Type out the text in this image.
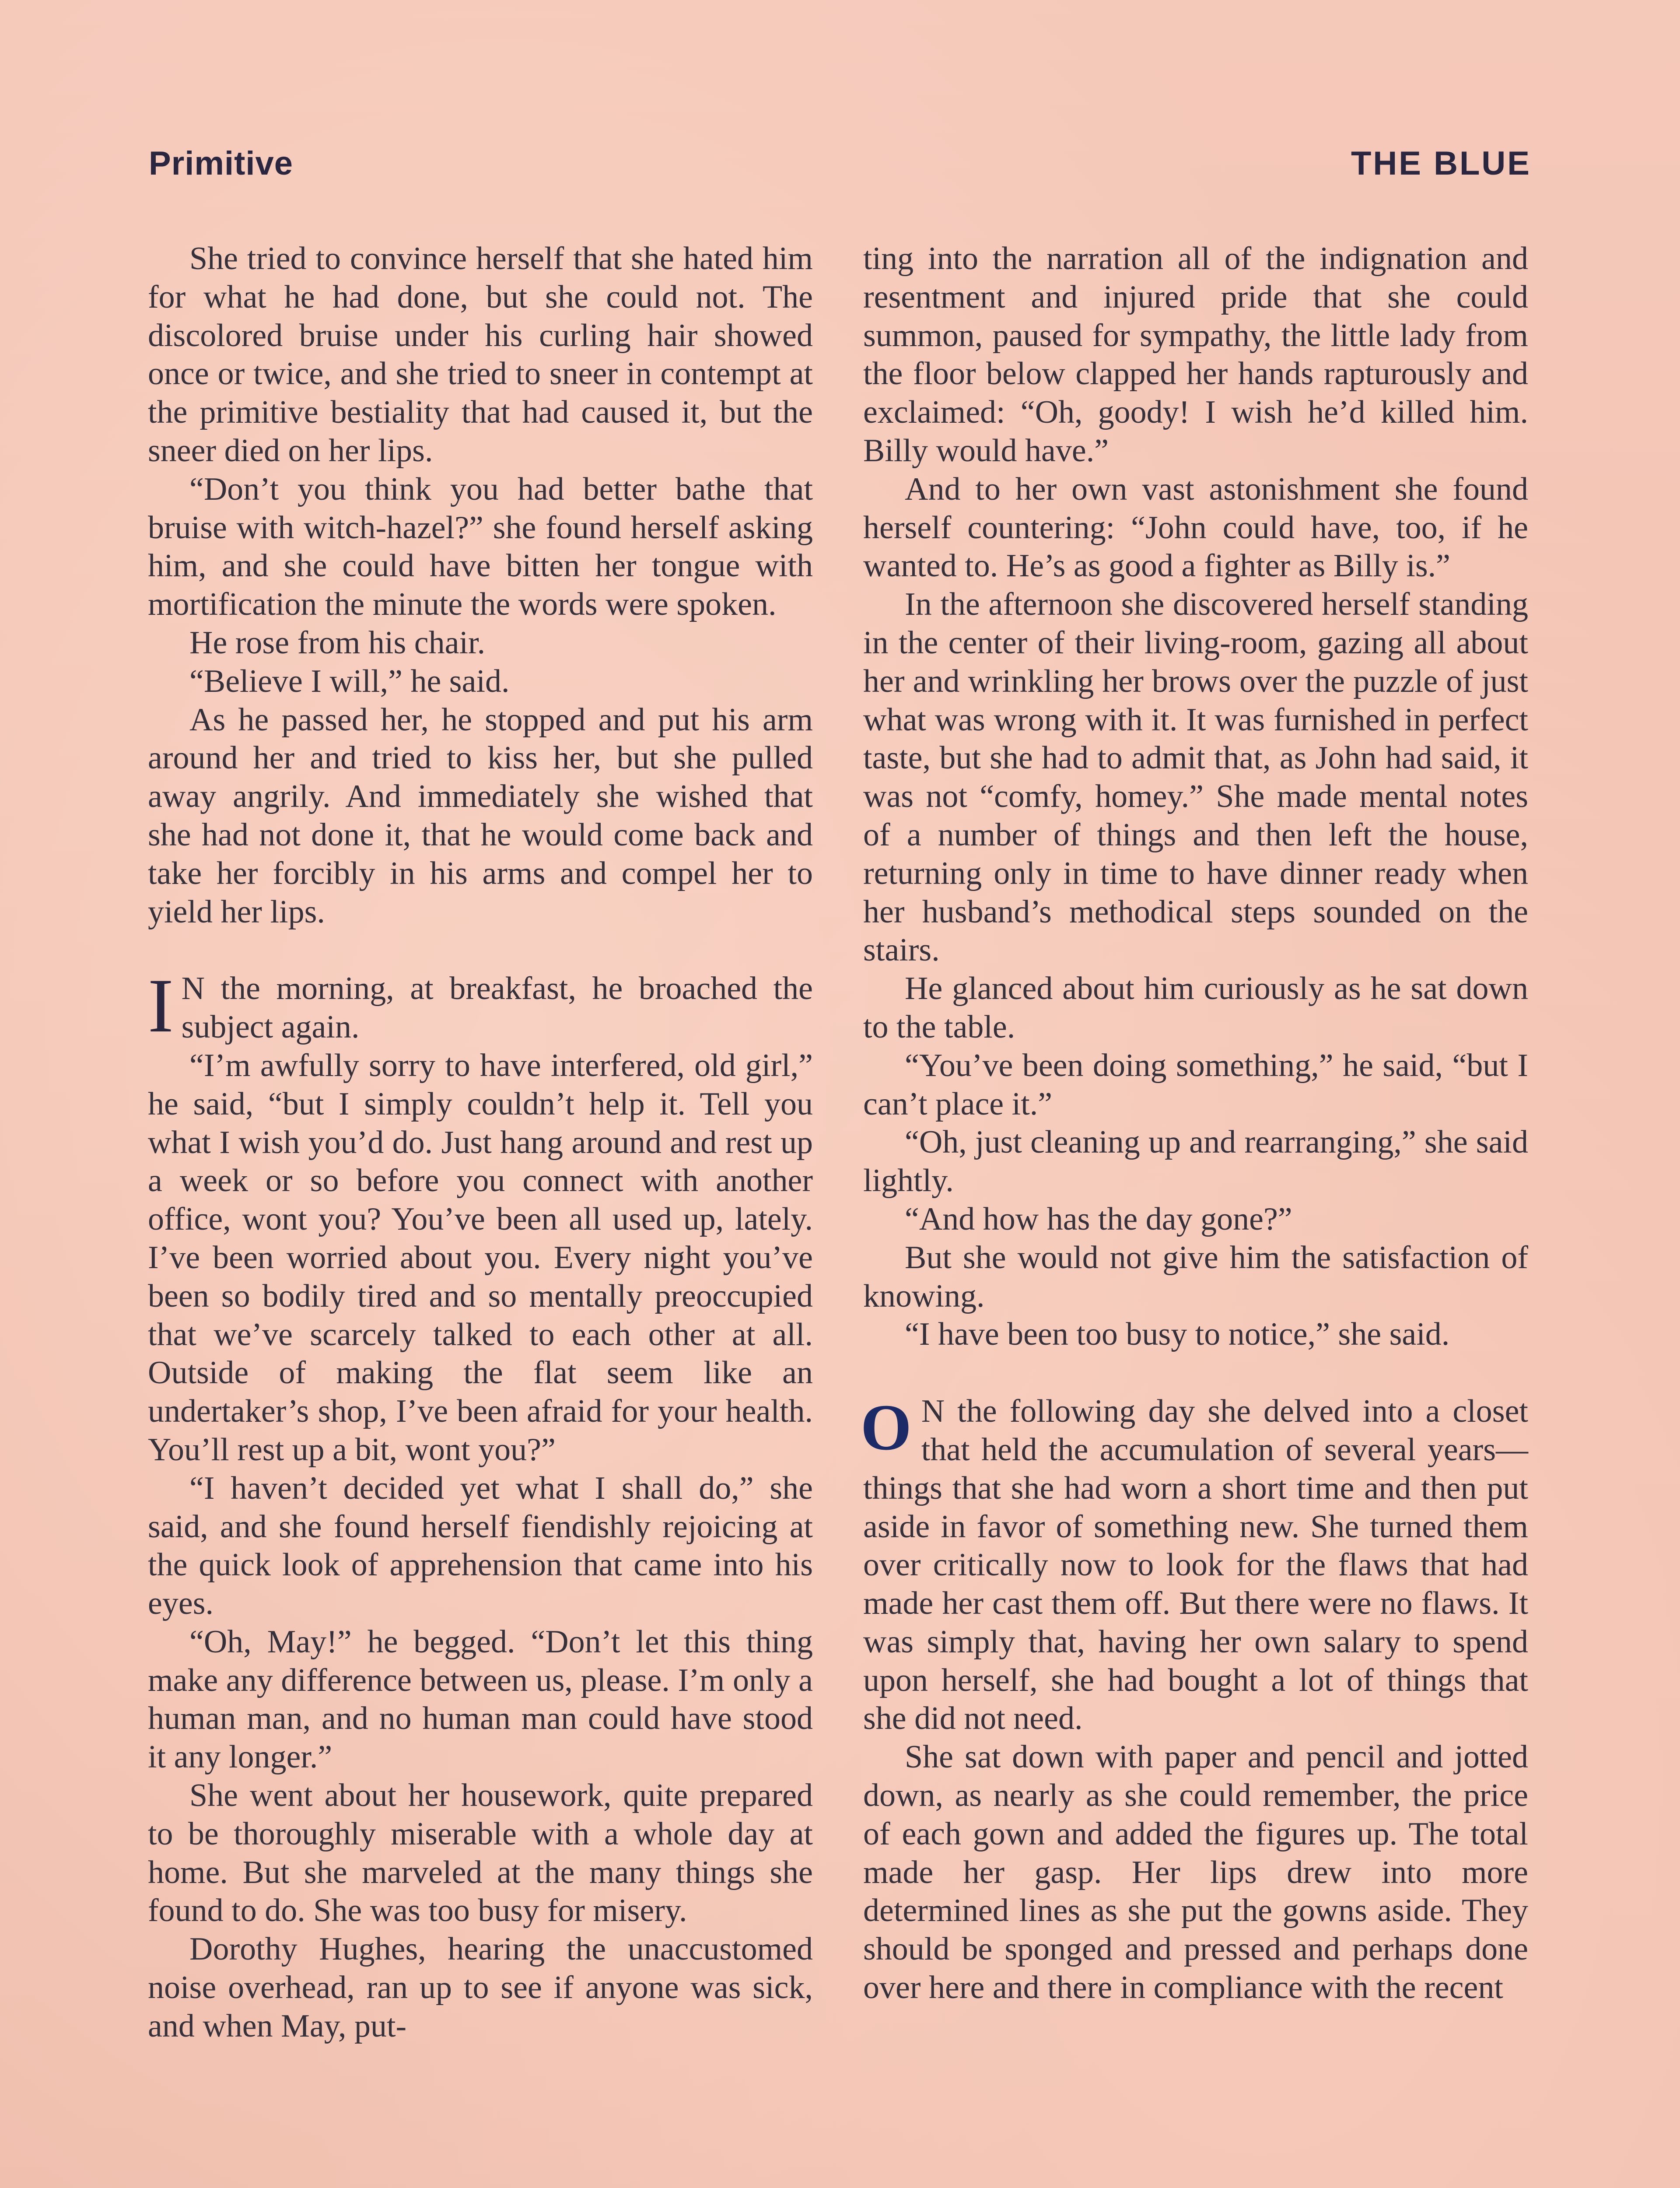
Primitive	THE BLUE

She tried to convince herself that she hated him for what he had done, but she could not. The discolored bruise under his curling hair showed once or twice, and she tried to sneer in contempt at the primitive bestiality that had caused it, but the sneer died on her lips.

“Don’t you think you had better bathe that bruise with witch-hazel?” she found herself asking him, and she could have bitten her tongue with mortification the minute the words were spoken.

He rose from his chair.

“Believe I will,” he said.

As he passed her, he stopped and put his arm around her and tried to kiss her, but she pulled away angrily. And immediately she wished that she had not done it, that he would come back and take her forcibly in his arms and compel her to yield her lips.

I N the morning, at breakfast, he broached the subject again.

“I’m awfully sorry to have interfered, old girl,” he said, “but I simply couldn’t help it. Tell you what I wish you’d do. Just hang around and rest up a week or so before you connect with another office, wont you? You’ve been all used up, lately. I’ve been worried about you. Every night you’ve been so bodily tired and so mentally preoccupied that we’ve scarcely talked to each other at all. Outside of making the flat seem like an undertaker’s shop, I’ve been afraid for your health. You’ll rest up a bit, wont you?”

“I haven’t decided yet what I shall do,” she said, and she found herself fiendishly rejoicing at the quick look of apprehension that came into his eyes.

“Oh, May!” he begged. “Don’t let this thing make any difference between us, please. I’m only a human man, and no human man could have stood it any longer.”

She went about her housework, quite prepared to be thoroughly miserable with a whole day at home. But she marveled at the many things she found to do. She was too busy for misery.

Dorothy Hughes, hearing the unaccustomed noise overhead, ran up to see if anyone was sick, and when May, put-

ting into the narration all of the indignation and resentment and injured pride that she could summon, paused for sympathy, the little lady from the floor below clapped her hands rapturously and exclaimed: “Oh, goody! I wish he’d killed him. Billy would have.”

And to her own vast astonishment she found herself countering: “John could have, too, if he wanted to. He’s as good a fighter as Billy is.”

In the afternoon she discovered herself standing in the center of their living-room, gazing all about her and wrinkling her brows over the puzzle of just what was wrong with it. It was furnished in perfect taste, but she had to admit that, as John had said, it was not “comfy, homey.” She made mental notes of a number of things and then left the house, returning only in time to have dinner ready when her husband’s methodical steps sounded on the stairs.

He glanced about him curiously as he sat down to the table.

“You’ve been doing something,” he said, “but I can’t place it.”

“Oh, just cleaning up and rearranging,” she said lightly.

“And how has the day gone?”

But she would not give him the satisfaction of knowing.

“I have been too busy to notice,” she said.

O N the following day she delved into a closet that held the accumulation of several years—things that she had worn a short time and then put aside in favor of something new. She turned them over critically now to look for the flaws that had made her cast them off. But there were no flaws. It was simply that, having her own salary to spend upon herself, she had bought a lot of things that she did not need.

She sat down with paper and pencil and jotted down, as nearly as she could remember, the price of each gown and added the figures up. The total made her gasp. Her lips drew into more determined lines as she put the gowns aside. They should be sponged and pressed and perhaps done over here and there in compliance with the recent
